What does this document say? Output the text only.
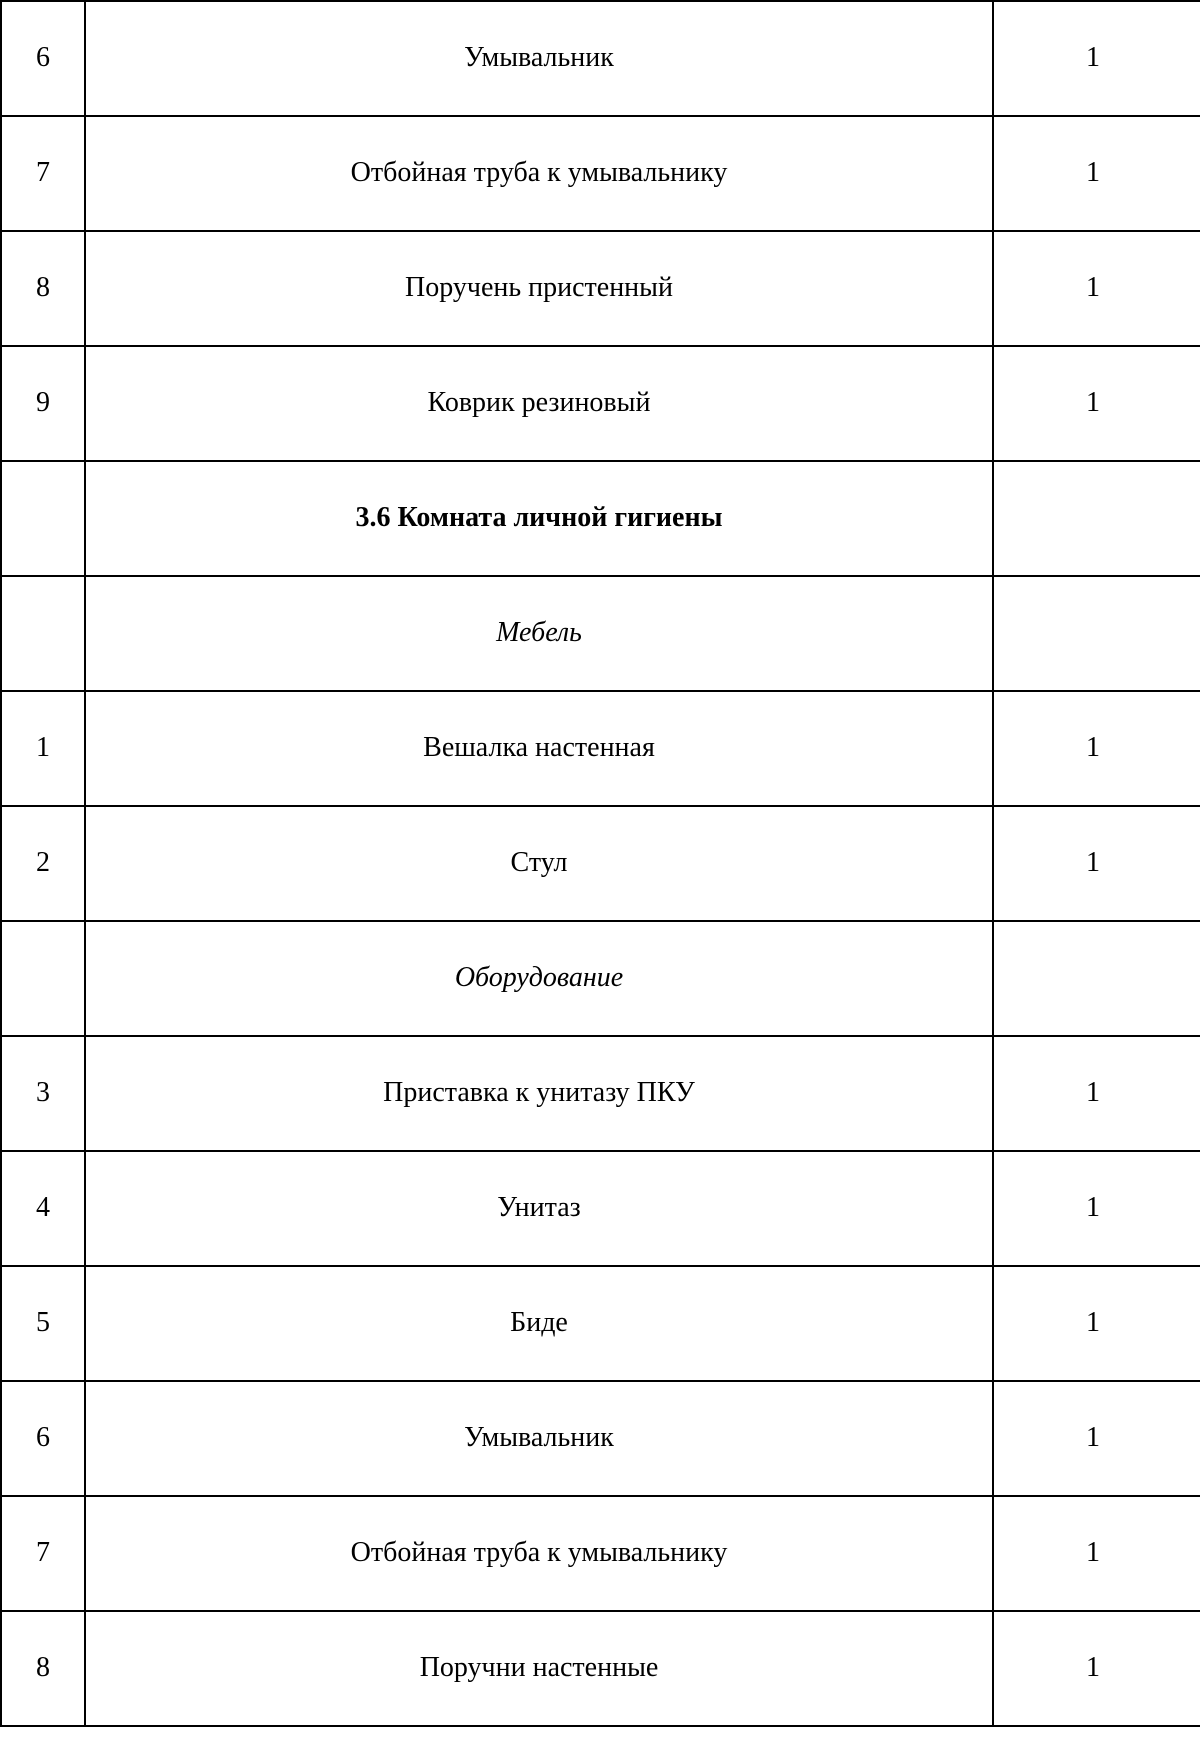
6	Умывальник	1
7	Отбойная труба к умывальнику	1
8	Поручень пристенный	1
9	Коврик резиновый	1
	3.6 Комната личной гигиены	
	Мебель	
1	Вешалка настенная	1
2	Стул	1
	Оборудование	
3	Приставка к унитазу ПКУ	1
4	Унитаз	1
5	Биде	1
6	Умывальник	1
7	Отбойная труба к умывальнику	1
8	Поручни настенные	1
